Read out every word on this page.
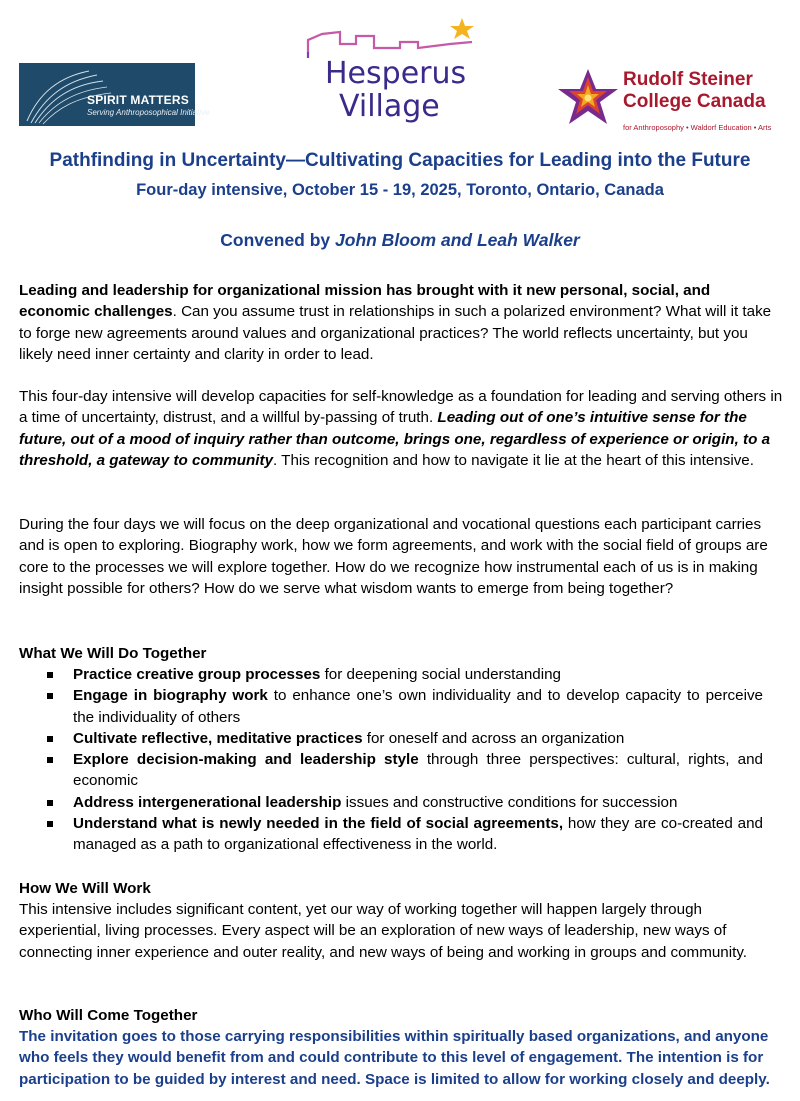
SPIRIT MATTERS
Serving Anthroposophical Initiative
Hesperus
Village
Rudolf Steiner
College Canada
for Anthroposophy • Waldorf Education • Arts
Pathfinding in Uncertainty—Cultivating Capacities for Leading into the Future
Four-day intensive, October 15 - 19, 2025, Toronto, Ontario, Canada
Convened by John Bloom and Leah Walker
Leading and leadership for organizational mission has brought with it new personal, social, and economic challenges. Can you assume trust in relationships in such a polarized environment? What will it take to forge new agreements around values and organizational practices? The world reflects uncertainty, but you likely need inner certainty and clarity in order to lead.
This four-day intensive will develop capacities for self-knowledge as a foundation for leading and serving others in a time of uncertainty, distrust, and a willful by-passing of truth. Leading out of one’s intuitive sense for the future, out of a mood of inquiry rather than outcome, brings one, regardless of experience or origin, to a threshold, a gateway to community. This recognition and how to navigate it lie at the heart of this intensive.
During the four days we will focus on the deep organizational and vocational questions each participant carries and is open to exploring. Biography work, how we form agreements, and work with the social field of groups are core to the processes we will explore together. How do we recognize how instrumental each of us is in making insight possible for others? How do we serve what wisdom wants to emerge from being together?
What We Will Do Together
Practice creative group processes for deepening social understanding
Engage in biography work to enhance one’s own individuality and to develop capacity to perceive the individuality of others
Cultivate reflective, meditative practices for oneself and across an organization
Explore decision-making and leadership style through three perspectives: cultural, rights, and economic
Address intergenerational leadership issues and constructive conditions for succession
Understand what is newly needed in the field of social agreements, how they are co-created and managed as a path to organizational effectiveness in the world.
How We Will Work
This intensive includes significant content, yet our way of working together will happen largely through experiential, living processes. Every aspect will be an exploration of new ways of leadership, new ways of connecting inner experience and outer reality, and new ways of being and working in groups and community.
Who Will Come Together
The invitation goes to those carrying responsibilities within spiritually based organizations, and anyone who feels they would benefit from and could contribute to this level of engagement. The intention is for participation to be guided by interest and need. Space is limited to allow for working closely and deeply.
